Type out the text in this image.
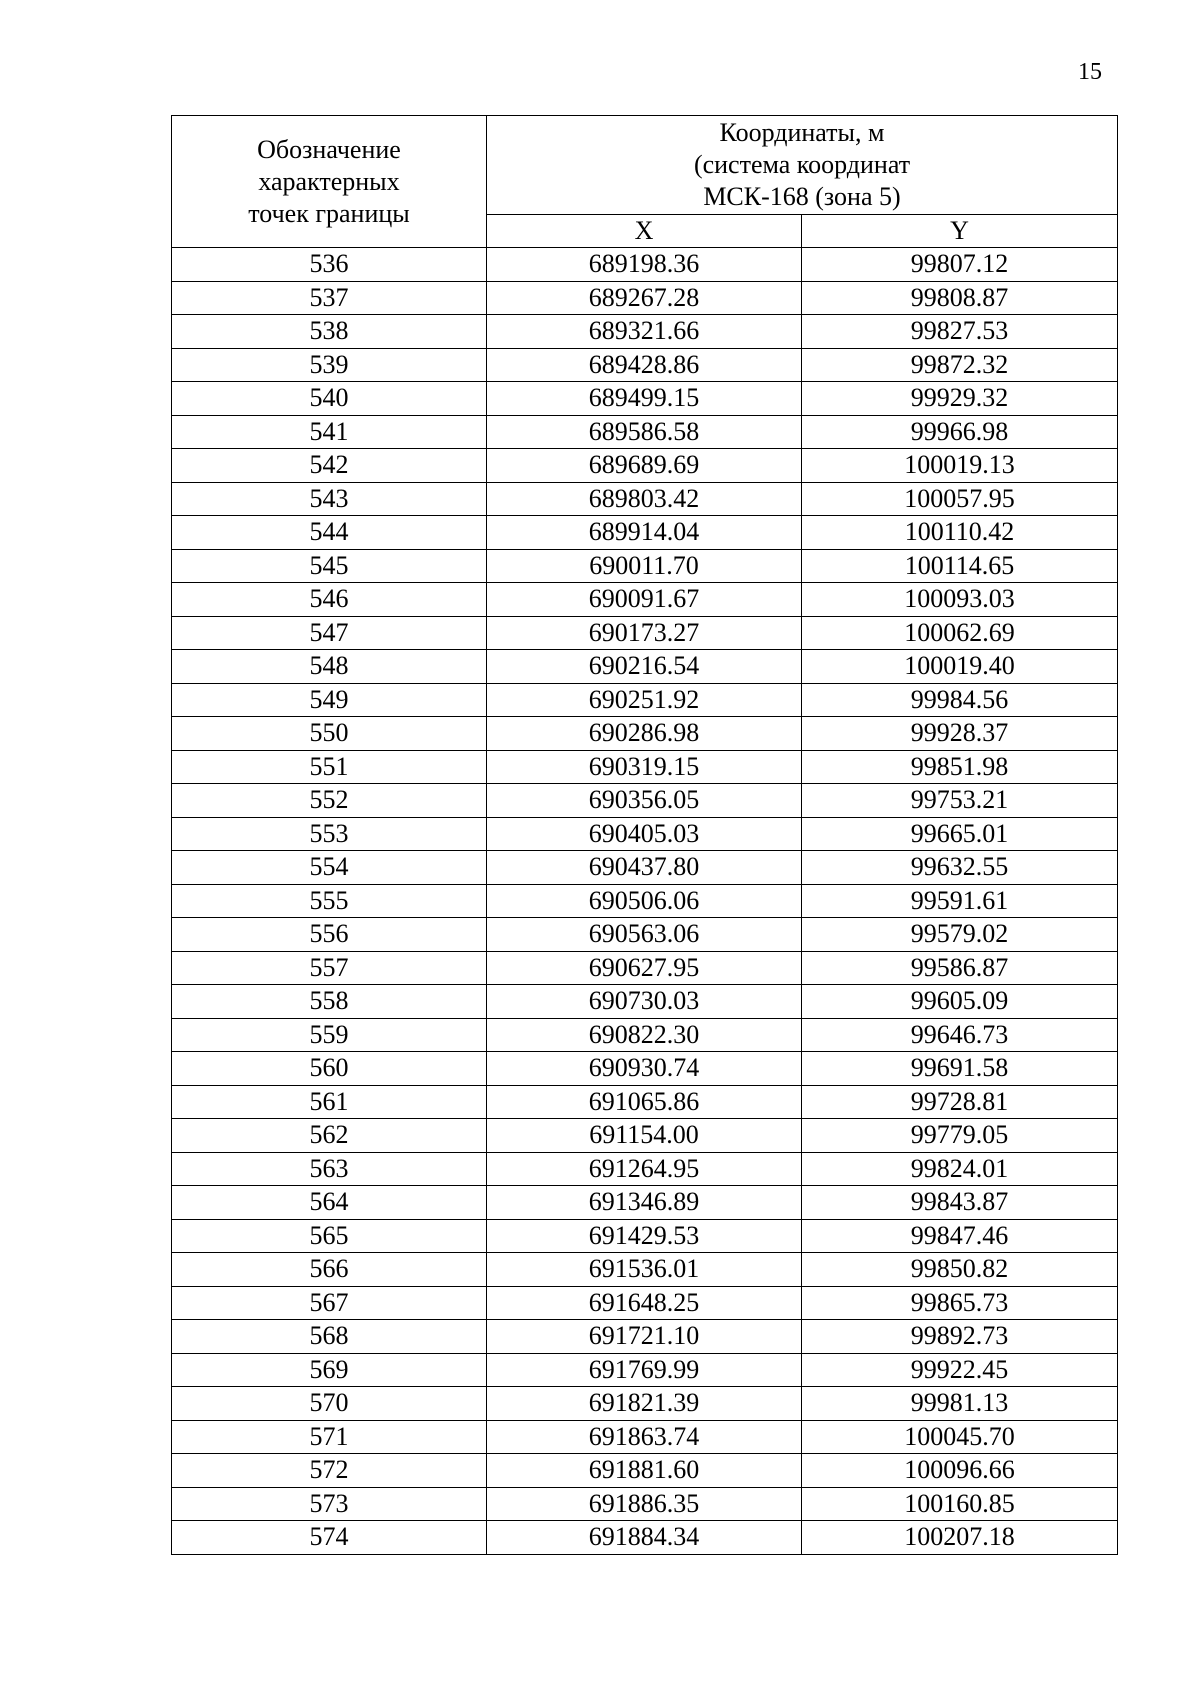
15
Обозначение
характерных
точек границы	Координаты, м
(система координат
МСК-168 (зона 5)	
	X	Y
536	689198.36	99807.12
537	689267.28	99808.87
538	689321.66	99827.53
539	689428.86	99872.32
540	689499.15	99929.32
541	689586.58	99966.98
542	689689.69	100019.13
543	689803.42	100057.95
544	689914.04	100110.42
545	690011.70	100114.65
546	690091.67	100093.03
547	690173.27	100062.69
548	690216.54	100019.40
549	690251.92	99984.56
550	690286.98	99928.37
551	690319.15	99851.98
552	690356.05	99753.21
553	690405.03	99665.01
554	690437.80	99632.55
555	690506.06	99591.61
556	690563.06	99579.02
557	690627.95	99586.87
558	690730.03	99605.09
559	690822.30	99646.73
560	690930.74	99691.58
561	691065.86	99728.81
562	691154.00	99779.05
563	691264.95	99824.01
564	691346.89	99843.87
565	691429.53	99847.46
566	691536.01	99850.82
567	691648.25	99865.73
568	691721.10	99892.73
569	691769.99	99922.45
570	691821.39	99981.13
571	691863.74	100045.70
572	691881.60	100096.66
573	691886.35	100160.85
574	691884.34	100207.18
